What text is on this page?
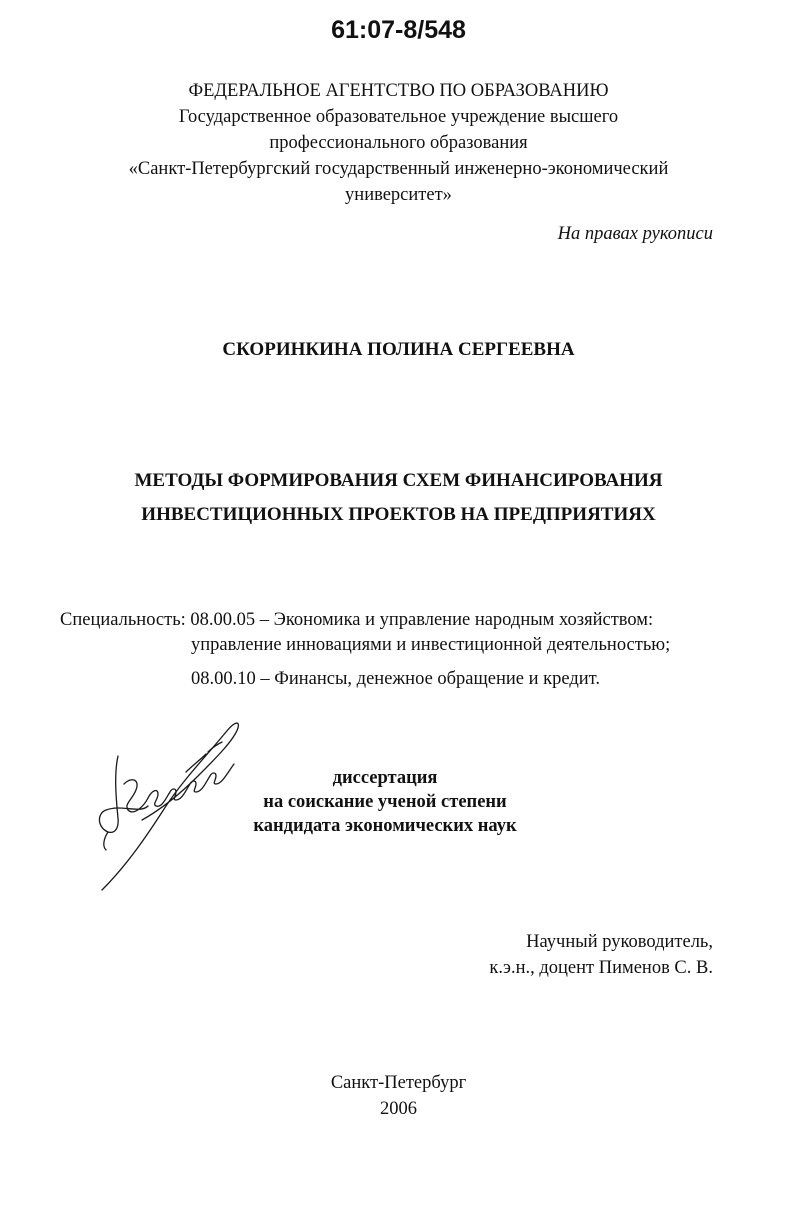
61:07-8/548
ФЕДЕРАЛЬНОЕ АГЕНТСТВО ПО ОБРАЗОВАНИЮ
Государственное образовательное учреждение высшего
профессионального образования
«Санкт-Петербургский государственный инженерно-экономический
университет»
На правах рукописи
СКОРИНКИНА ПОЛИНА СЕРГЕЕВНА
МЕТОДЫ ФОРМИРОВАНИЯ СХЕМ ФИНАНСИРОВАНИЯ
ИНВЕСТИЦИОННЫХ ПРОЕКТОВ НА ПРЕДПРИЯТИЯХ
Специальность: 08.00.05 – Экономика и управление народным хозяйством:
управление инновациями и инвестиционной деятельностью;
08.00.10 – Финансы, денежное обращение и кредит.
диссертация
на соискание ученой степени
кандидата экономических наук
Научный руководитель,
к.э.н., доцент Пименов С. В.
Санкт-Петербург
2006
